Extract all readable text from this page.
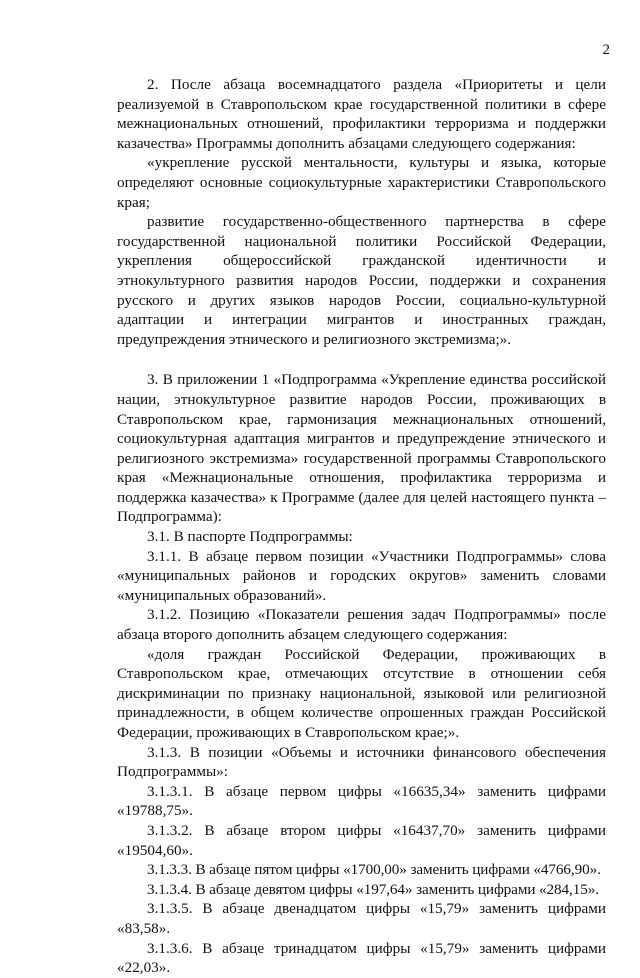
2

2. После абзаца восемнадцатого раздела «Приоритеты и цели реализуемой в Ставропольском крае государственной политики в сфере межнациональных отношений, профилактики терроризма и поддержки казачества» Программы дополнить абзацами следующего содержания:

«укрепление русской ментальности, культуры и языка, которые определяют основные социокультурные характеристики Ставропольского края;

развитие государственно-общественного партнерства в сфере государственной национальной политики Российской Федерации, укрепления общероссийской гражданской идентичности и этнокультурного развития народов России, поддержки и сохранения русского и других языков народов России, социально-культурной адаптации и интеграции мигрантов и иностранных граждан, предупреждения этнического и религиозного экстремизма;».

3. В приложении 1 «Подпрограмма «Укрепление единства российской нации, этнокультурное развитие народов России, проживающих в Ставропольском крае, гармонизация межнациональных отношений, социокультурная адаптация мигрантов и предупреждение этнического и религиозного экстремизма» государственной программы Ставропольского края «Межнациональные отношения, профилактика терроризма и поддержка казачества» к Программе (далее для целей настоящего пункта – Подпрограмма):

3.1. В паспорте Подпрограммы:

3.1.1. В абзаце первом позиции «Участники Подпрограммы» слова «муниципальных районов и городских округов» заменить словами «муниципальных образований».

3.1.2. Позицию «Показатели решения задач Подпрограммы» после абзаца второго дополнить абзацем следующего содержания:

«доля граждан Российской Федерации, проживающих в Ставропольском крае, отмечающих отсутствие в отношении себя дискриминации по признаку национальной, языковой или религиозной принадлежности, в общем количестве опрошенных граждан Российской Федерации, проживающих в Ставропольском крае;».

3.1.3. В позиции «Объемы и источники финансового обеспечения Подпрограммы»:

3.1.3.1. В абзаце первом цифры «16635,34» заменить цифрами «19788,75».

3.1.3.2. В абзаце втором цифры «16437,70» заменить цифрами «19504,60».

3.1.3.3. В абзаце пятом цифры «1700,00» заменить цифрами «4766,90».

3.1.3.4. В абзаце девятом цифры «197,64» заменить цифрами «284,15».

3.1.3.5. В абзаце двенадцатом цифры «15,79» заменить цифрами «83,58».

3.1.3.6. В абзаце тринадцатом цифры «15,79» заменить цифрами «22,03».
